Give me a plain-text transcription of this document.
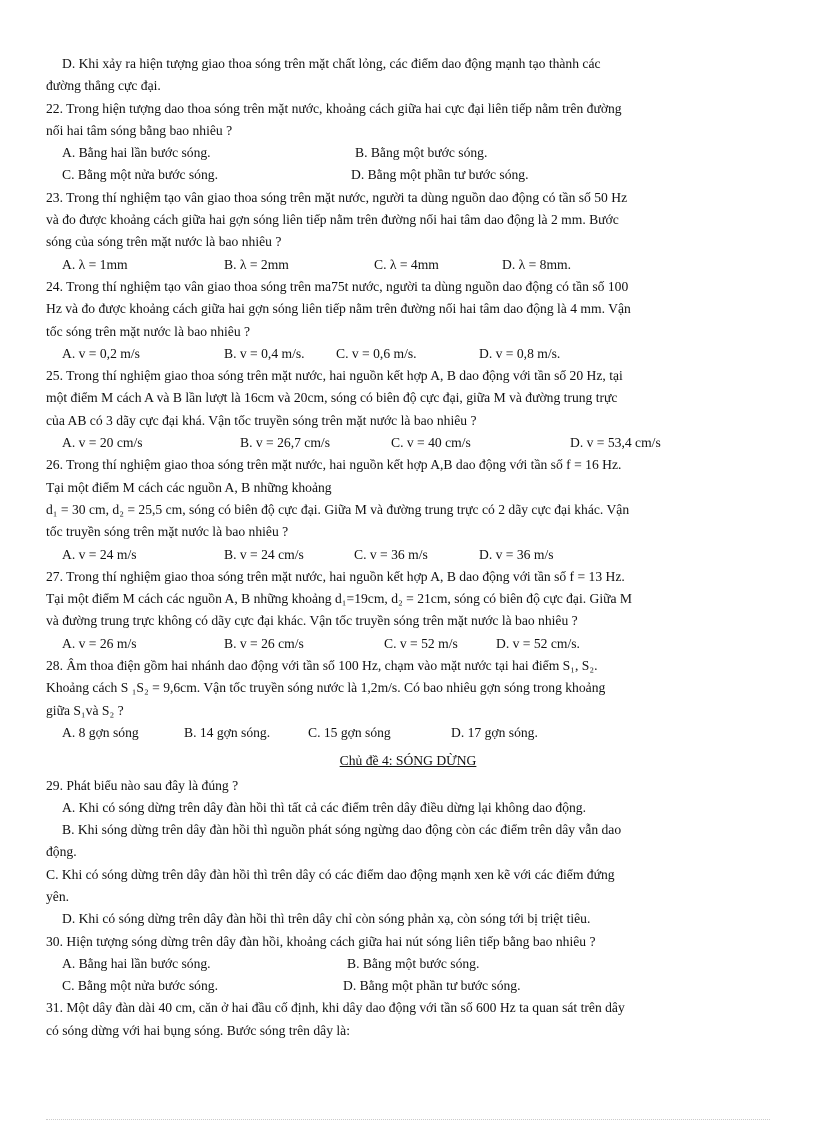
D. Khi xảy ra hiện tượng giao thoa sóng trên mặt chất lỏng, các điểm dao động mạnh tạo thành các
đường thẳng cực đại.
22. Trong hiện tượng dao thoa sóng trên mặt nước, khoảng cách giữa hai cực đại liên tiếp nằm trên đường
nối hai tâm sóng bằng bao nhiêu ?
A. Bằng hai lần bước sóng.	B. Bằng một bước sóng.
C. Bằng một nửa bước sóng.	D. Bằng một phần tư bước sóng.
23. Trong thí nghiệm tạo vân giao thoa sóng trên mặt nước, người ta dùng nguồn dao động có tần số 50 Hz
và đo được khoảng cách giữa hai gợn sóng liên tiếp nằm trên đường nối hai tâm dao động là 2 mm. Bước
sóng của sóng trên mặt nước là bao nhiêu ?
A. λ = 1mm	B. λ = 2mm	C. λ = 4mm	D. λ = 8mm.
24. Trong thí nghiệm tạo vân giao thoa sóng trên ma75t nước, người ta dùng nguồn dao động có tần số 100
Hz và đo được khoảng cách giữa hai gợn sóng liên tiếp nằm trên đường nối hai tâm dao động là 4 mm. Vận
tốc sóng trên mặt nước là bao nhiêu ?
A. v = 0,2 m/s	B. v = 0,4 m/s. C. v = 0,6 m/s.	D. v = 0,8 m/s.
25. Trong thí nghiệm giao thoa sóng trên mặt nước, hai nguồn kết hợp A, B dao động với tần số 20 Hz, tại
một điểm M cách A và B lần lượt là 16cm và 20cm, sóng có biên độ cực đại, giữa M và đường trung trực
của AB có 3 dãy cực đại khá. Vận tốc truyền sóng trên mặt nước là bao nhiêu ?
A. v = 20 cm/s	B. v = 26,7 cm/s	C. v = 40 cm/s	D. v = 53,4 cm/s
26. Trong thí nghiệm giao thoa sóng trên mặt nước, hai nguồn kết hợp A,B dao động với tần số f = 16 Hz.
Tại một điểm M cách các nguồn A, B những khoảng
d₁ = 30 cm, d₂ = 25,5 cm, sóng có biên độ cực đại. Giữa M và đường trung trực có 2 dãy cực đại khác. Vận
tốc truyền sóng trên mặt nước là bao nhiêu ?
A. v = 24 m/s	B. v = 24 cm/s	C. v = 36 m/s	D. v = 36 m/s
27. Trong thí nghiệm giao thoa sóng trên mặt nước, hai nguồn kết hợp A, B dao động với tần số f = 13 Hz.
Tại một điểm M cách các nguồn A, B những khoảng d₁=19cm, d₂ = 21cm, sóng có biên độ cực đại. Giữa M
và đường trung trực không có dãy cực đại khác. Vận tốc truyền sóng trên mặt nước là bao nhiêu ?
A. v = 26 m/s	B. v = 26 cm/s	C. v = 52 m/s	D. v = 52 cm/s.
28. Âm thoa điện gồm hai nhánh dao động với tần số 100 Hz, chạm vào mặt nước tại hai điểm S₁, S₂.
Khoảng cách S ₁S₂ = 9,6cm. Vận tốc truyền sóng nước là 1,2m/s. Có bao nhiêu gợn sóng trong khoảng
giữa S₁và S₂ ?
A. 8 gợn sóng	B. 14 gợn sóng.	C. 15 gợn sóng	D. 17 gợn sóng.
Chủ đề 4: SÓNG DỪNG
29. Phát biểu nào sau đây là đúng ?
A. Khi có sóng dừng trên dây đàn hồi thì tất cả các điểm trên dây điều dừng lại không dao động.
B. Khi sóng dừng trên dây đàn hồi thì nguồn phát sóng ngừng dao động còn các điểm trên dây vẫn dao
động.
C. Khi có sóng dừng trên dây đàn hồi thì trên dây có các điểm dao động mạnh xen kẽ với các điểm đứng
yên.
D. Khi có sóng dừng trên dây đàn hồi thì trên dây chỉ còn sóng phản xạ, còn sóng tới bị triệt tiêu.
30. Hiện tượng sóng dừng trên dây đàn hồi, khoảng cách giữa hai nút sóng liên tiếp bằng bao nhiêu ?
A. Bằng hai lần bước sóng.	B. Bằng một bước sóng.
C. Bằng một nửa bước sóng.	D. Bằng một phần tư bước sóng.
31. Một dây đàn dài 40 cm, căn ở hai đầu cố định, khi dây dao động với tần số 600 Hz ta quan sát trên dây
có sóng dừng với hai bụng sóng. Bước sóng trên dây là:
